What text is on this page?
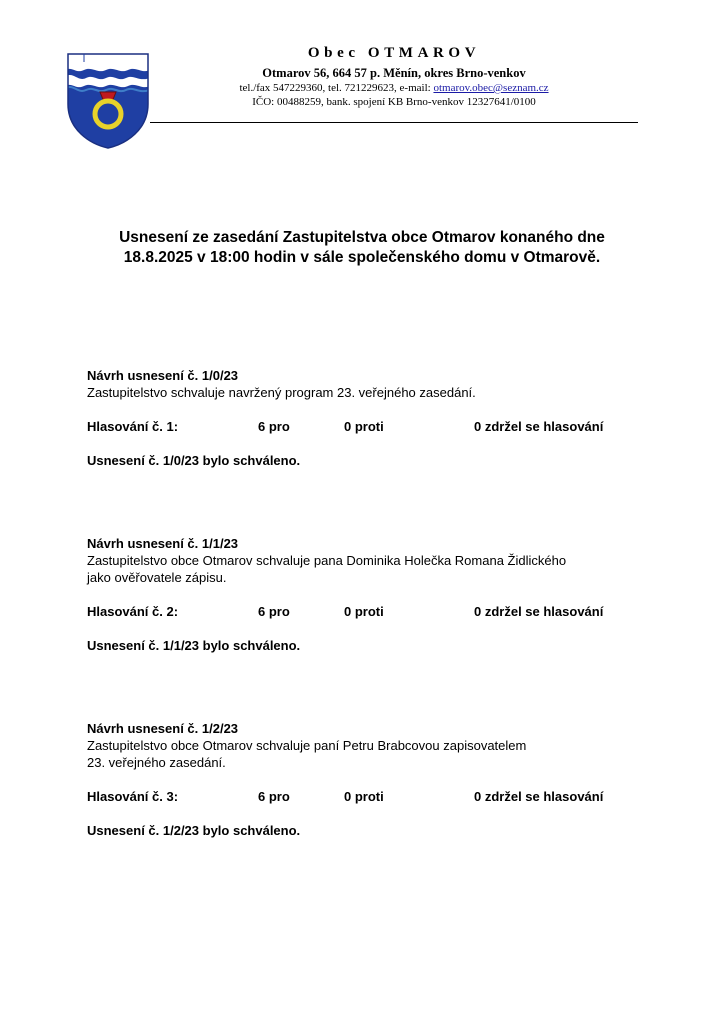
Obec OTMAROV
Otmarov 56, 664 57 p. Měnín, okres Brno-venkov
tel./fax 547229360, tel. 721229623, e-mail: otmarov.obec@seznam.cz
IČO: 00488259, bank. spojení KB Brno-venkov 12327641/0100
Usnesení ze zasedání Zastupitelstva obce Otmarov konaného dne
18.8.2025 v 18:00 hodin v sále společenského domu v Otmarově.
Návrh usnesení č. 1/0/23
Zastupitelstvo schvaluje navržený program 23. veřejného zasedání.
Hlasování č. 1:	6 pro	0 proti	0 zdržel se hlasování
Usnesení č. 1/0/23 bylo schváleno.
Návrh usnesení č. 1/1/23
Zastupitelstvo obce Otmarov schvaluje pana Dominika Holečka Romana Židlického
jako ověřovatele zápisu.
Hlasování č. 2:	6 pro	0 proti	0 zdržel se hlasování
Usnesení č. 1/1/23 bylo schváleno.
Návrh usnesení č. 1/2/23
Zastupitelstvo obce Otmarov schvaluje paní Petru Brabcovou zapisovatelem
23. veřejného zasedání.
Hlasování č. 3:	6 pro	0 proti	0 zdržel se hlasování
Usnesení č. 1/2/23 bylo schváleno.
